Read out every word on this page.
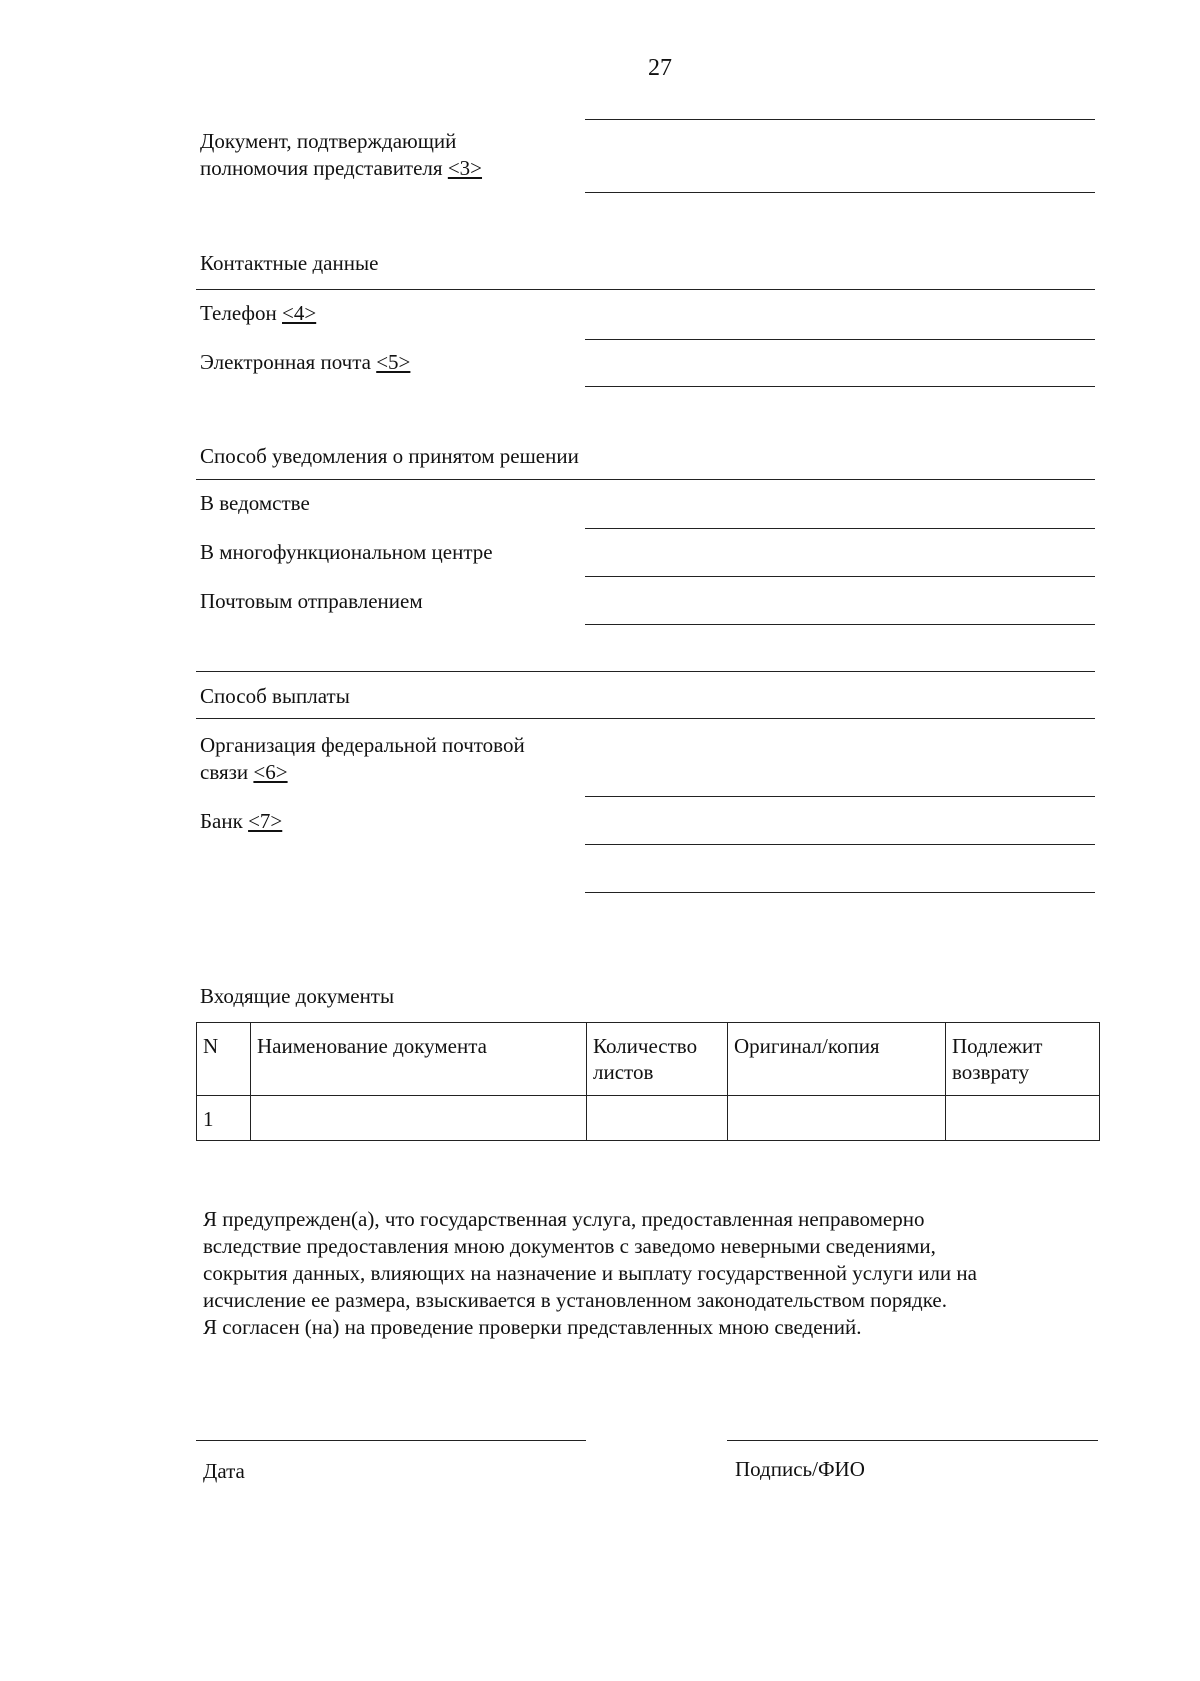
27
Документ, подтверждающий
полномочия представителя <3>
Контактные данные
Телефон <4>
Электронная почта <5>
Способ уведомления о принятом решении
В ведомстве
В многофункциональном центре
Почтовым отправлением
Способ выплаты
Организация федеральной почтовой
связи <6>
Банк <7>
Входящие документы
N	Наименование документа	Количество листов	Оригинал/копия	Подлежит возврату
1				
Я предупрежден(а), что государственная услуга, предоставленная неправомерно
вследствие предоставления мною документов с заведомо неверными сведениями,
сокрытия данных, влияющих на назначение и выплату государственной услуги или на
исчисление ее размера, взыскивается в установленном законодательством порядке.
Я согласен (на) на проведение проверки представленных мною сведений.
Дата	Подпись/ФИО
